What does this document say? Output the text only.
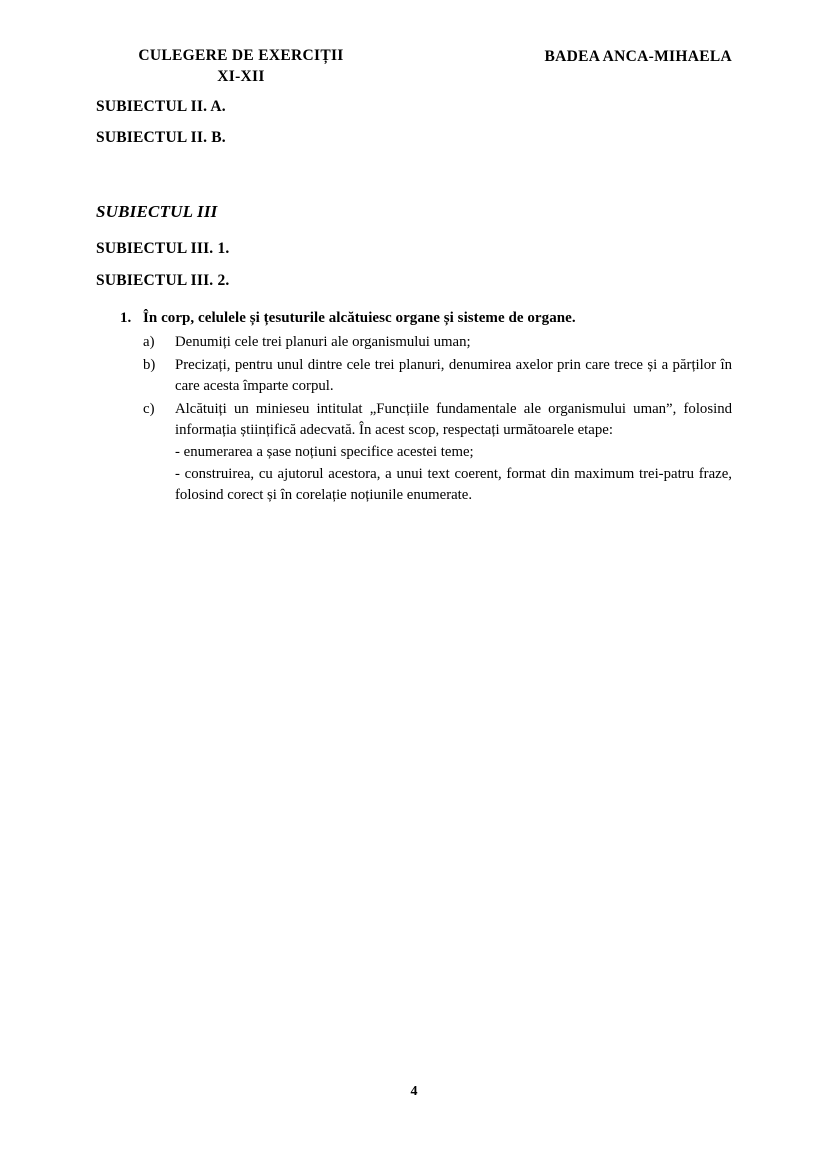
CULEGERE DE EXERCIȚII
XI-XII
BADEA ANCA-MIHAELA
SUBIECTUL II. A.
SUBIECTUL II. B.
SUBIECTUL III
SUBIECTUL III. 1.
SUBIECTUL III. 2.
1. În corp, celulele și țesuturile alcătuiesc organe și sisteme de organe.
a) Denumiți cele trei planuri ale organismului uman;
b) Precizați, pentru unul dintre cele trei planuri, denumirea axelor prin care trece și a părților în care acesta împarte corpul.
c) Alcătuiți un minieseu intitulat „Funcțiile fundamentale ale organismului uman”, folosind informația științifică adecvată. În acest scop, respectați următoarele etape:
- enumerarea a șase noțiuni specifice acestei teme;
- construirea, cu ajutorul acestora, a unui text coerent, format din maximum trei-patru fraze, folosind corect și în corelație noțiunile enumerate.
4
